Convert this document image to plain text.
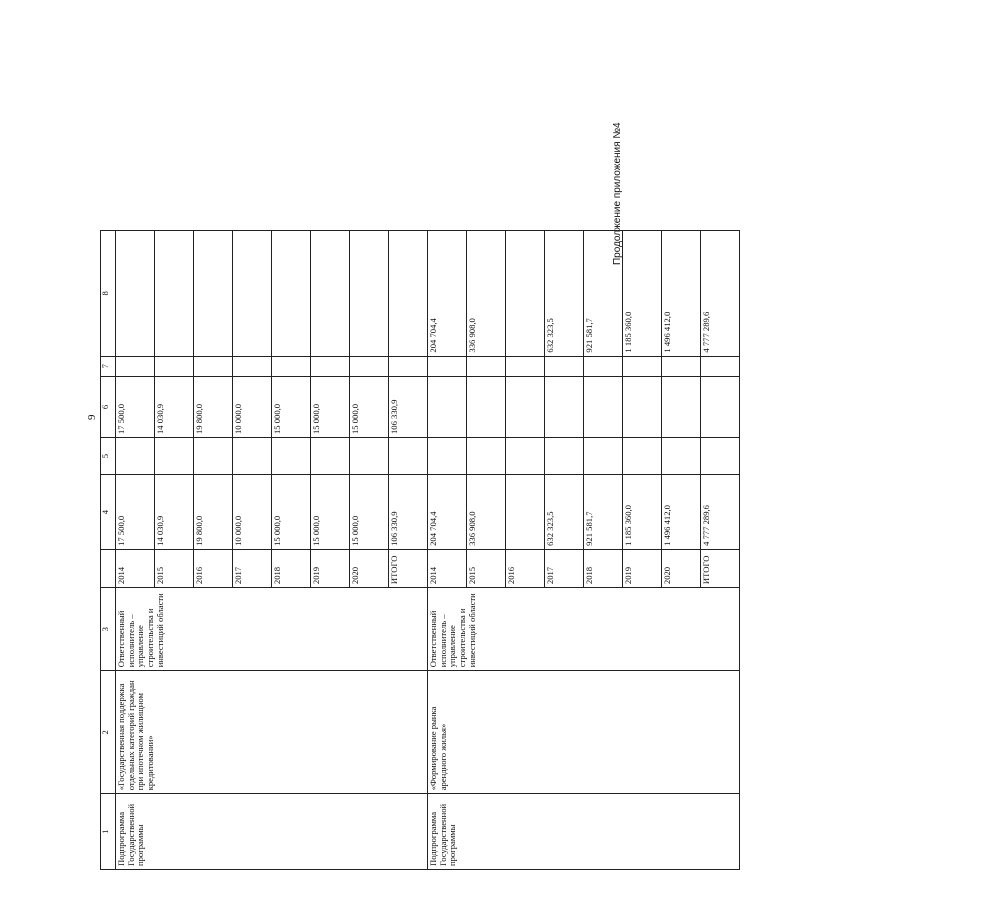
9
Продолжение приложения №4
1	2	3		4	5	6	7	8
Подпрограмма Государственной программы	«Государственная поддержка отдельных категорий граждан при ипотечном жилищном кредитовании»	Ответственный исполнитель – управление строительства и инвестиций области	2014	17 500,0		17 500,0		
			2015	14 030,9		14 030,9		
			2016	19 800,0		19 800,0		
			2017	10 000,0		10 000,0		
			2018	15 000,0		15 000,0		
			2019	15 000,0		15 000,0		
			2020	15 000,0		15 000,0		
			ИТОГО	106 330,9		106 330,9		
Подпрограмма Государственной программы	«Формирование рынка арендного жилья»	Ответственный исполнитель – управление строительства и инвестиций области	2014	204 704,4				204 704,4
			2015	336 908,0				336 908,0
			2016					
			2017	632 323,5				632 323,5
			2018	921 581,7				921 581,7
			2019	1 185 360,0				1 185 360,0
			2020	1 496 412,0				1 496 412,0
			ИТОГО	4 777 289,6				4 777 289,6
